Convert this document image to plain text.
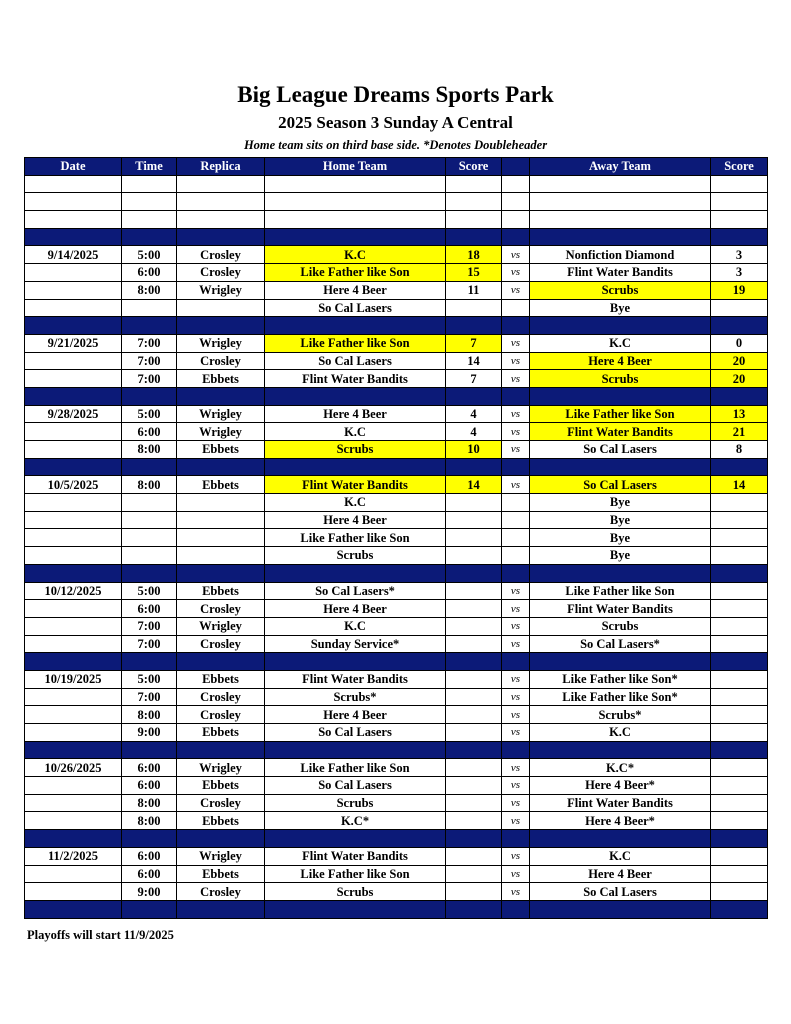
Big League Dreams Sports Park
2025 Season 3 Sunday A Central
Home team sits on third base side. *Denotes Doubleheader
Date	Time	Replica	Home Team	Score		Away Team	Score

9/14/2025	5:00	Crosley	K.C	18	vs	Nonfiction Diamond	3
	6:00	Crosley	Like Father like Son	15	vs	Flint Water Bandits	3
	8:00	Wrigley	Here 4 Beer	11	vs	Scrubs	19
			So Cal Lasers			Bye	

9/21/2025	7:00	Wrigley	Like Father like Son	7	vs	K.C	0
	7:00	Crosley	So Cal Lasers	14	vs	Here 4 Beer	20
	7:00	Ebbets	Flint Water Bandits	7	vs	Scrubs	20

9/28/2025	5:00	Wrigley	Here 4 Beer	4	vs	Like Father like Son	13
	6:00	Wrigley	K.C	4	vs	Flint Water Bandits	21
	8:00	Ebbets	Scrubs	10	vs	So Cal Lasers	8

10/5/2025	8:00	Ebbets	Flint Water Bandits	14	vs	So Cal Lasers	14
			K.C			Bye	
			Here 4 Beer			Bye	
			Like Father like Son			Bye	
			Scrubs			Bye	

10/12/2025	5:00	Ebbets	So Cal Lasers*		vs	Like Father like Son	
	6:00	Crosley	Here 4 Beer		vs	Flint Water Bandits	
	7:00	Wrigley	K.C		vs	Scrubs	
	7:00	Crosley	Sunday Service*		vs	So Cal Lasers*	

10/19/2025	5:00	Ebbets	Flint Water Bandits		vs	Like Father like Son*	
	7:00	Crosley	Scrubs*		vs	Like Father like Son*	
	8:00	Crosley	Here 4 Beer		vs	Scrubs*	
	9:00	Ebbets	So Cal Lasers		vs	K.C	

10/26/2025	6:00	Wrigley	Like Father like Son		vs	K.C*	
	6:00	Ebbets	So Cal Lasers		vs	Here 4 Beer*	
	8:00	Crosley	Scrubs		vs	Flint Water Bandits	
	8:00	Ebbets	K.C*		vs	Here 4 Beer*	

11/2/2025	6:00	Wrigley	Flint Water Bandits		vs	K.C	
	6:00	Ebbets	Like Father like Son		vs	Here 4 Beer	
	9:00	Crosley	Scrubs		vs	So Cal Lasers	

Playoffs will start 11/9/2025
